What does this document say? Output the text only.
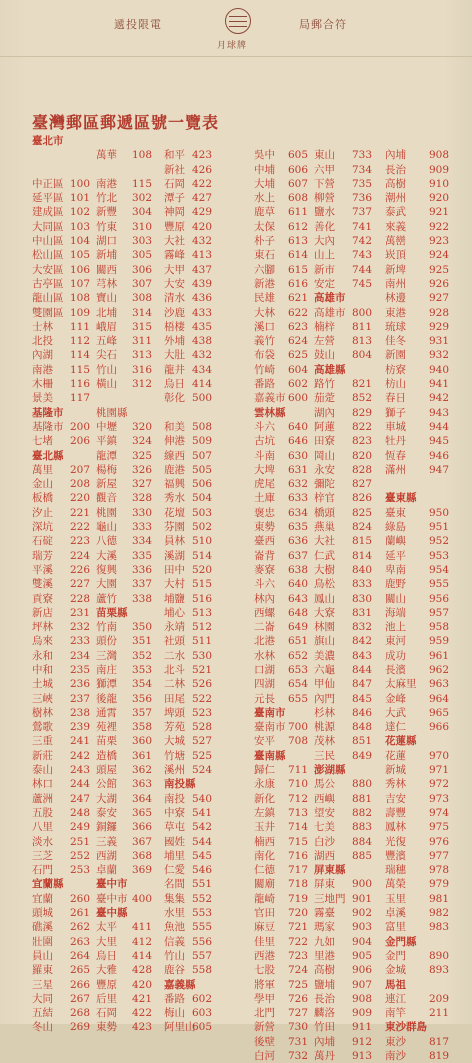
遞投限電
月球牌
局郵合符
臺灣郵區郵遞區號一覽表
臺北市
萬華 108 和平 423
新社 426
中正區 100 南港 115 石岡 422
延平區 101 竹北 302 潭子 427
建成區 102 新豐 304 神岡 429
大同區 103 竹東 310 豐原 420
中山區 104 湖口 303 大社 432
松山區 105 新埔 305 霧峰 413
大安區 106 關西 306 大甲 437
古亭區 107 芎林 307 大安 439
龍山區 108 寶山 308 清水 436
雙園區 109 北埔 314 沙鹿 433
士林 111 峨眉 315 梧棲 435
北投 112 五峰 311 外埔 438
內湖 114 尖石 313 大肚 432
南港 115 竹山 316 龍井 434
木柵 116 橫山 312 烏日 414
景美 117	彰化 500
基隆市	桃園縣
基隆市 200 中壢 320 和美 508
七堵 206 平鎮 324 伸港 509
臺北縣	龍潭 325 線西 507
萬里 207 楊梅 326 鹿港 505
金山 208 新屋 327 福興 506
板橋 220 觀音 328 秀水 504
汐止 221 桃園 330 花壇 503
深坑 222 龜山 333 芬園 502
石碇 223 八德 334 員林 510
瑞芳 224 大溪 335 溪湖 514
平溪 226 復興 336 田中 520
雙溪 227 大園 337 大村 515
貢寮 228 蘆竹 338 埔鹽 516
新店 231 苗栗縣	埔心 513
坪林 232 竹南 350 永靖 512
烏來 233 頭份 351 社頭 511
永和 234 三灣 352 二水 530
中和 235 南庄 353 北斗 521
土城 236 獅潭 354 二林 526
三峽 237 後龍 356 田尾 522
樹林 238 通霄 357 埤頭 523
鶯歌 239 苑裡 358 芳苑 528
三重 241 苗栗 360 大城 527
新莊 242 造橋 361 竹塘 525
泰山 243 頭屋 362 溪州 524
林口 244 公館 363 南投縣
蘆洲 247 大湖 364 南投 540
五股 248 泰安 365 中寮 541
八里 249 銅鑼 366 草屯 542
淡水 251 三義 367 國姓 544
三芝 252 西湖 368 埔里 545
石門 253 卓蘭 369 仁愛 546
宜蘭縣	臺中市	名間 551
宜蘭 260 臺中市 400 集集 552
頭城 261 臺中縣	水里 553
礁溪 262 太平 411 魚池 555
壯圍 263 大里 412 信義 556
員山 264 烏日 414 竹山 557
羅東 265 大雅 428 鹿谷 558
三星 266 豐原 420 嘉義縣
大同 267 后里 421 番路 602
五結 268 石岡 422 梅山 603
冬山 269 東勢 423 阿里山
605
吳中 605 東山 733
中埔 606 六甲 734
大埔 607 下營 735
水上 608 柳營 736
鹿草 611 鹽水 737
太保 612 善化 741
朴子 613 大內 742
東石 614 山上 743
六腳 615 新市 744
新港 616 安定 745
民雄 621 高雄市
大林 622 高雄市 800
溪口 623 楠梓 811
義竹 624 左營 813
布袋 625 鼓山 804
竹崎 604 高雄縣
番路 602 路竹 821
嘉義市 600 茄萣 852
雲林縣	湖內 829
斗六 640 阿蓮 822
古坑 646 田寮 823
斗南 630 岡山 820
大埤 631 永安 828
虎尾 632 彌陀 827
土庫 633 梓官 826
褒忠 634 橋頭 825
東勢 635 燕巢 824
臺西 636 大社 815
崙背 637 仁武 814
麥寮 638 大樹 840
斗六 640 鳥松 833
林內 643 鳳山 830
西螺 648 大寮 831
二崙 649 林園 832
北港 651 旗山 842
水林 652 美濃 843
口湖 653 六龜 844
四湖 654 甲仙 847
元長 655 內門 845
臺南市	杉林 846
臺南市 700 桃源 848
安平 708 茂林 851
臺南縣	三民 849
歸仁 711 澎湖縣
永康 710 馬公 880
新化 712 西嶼 881
左鎮 713 望安 882
玉井 714 七美 883
楠西 715 白沙 884
南化 716 湖西 885
仁德 717 屏東縣
關廟 718 屏東 900
龍崎 719 三地門 901
官田 720 霧臺 902
麻豆 721 瑪家 903
佳里 722 九如 904
西港 723 里港 905
七股 724 高樹 906
將軍 725 鹽埔 907
學甲 726 長治 908
北門 727 麟洛 909
新營 730 竹田 911
後壁 731 內埔 912
白河 732 萬丹 913
內埔 908
長治 909
高樹 910
潮州 920
泰武 921
來義 922
萬巒 923
崁頂 924
新埤 925
南州 926
林邊 927
東港 928
琉球 929
佳冬 931
新園 932
枋寮 940
枋山 941
春日 942
獅子 943
車城 944
牡丹 945
恆春 946
滿州 947
臺東縣
臺東 950
綠島 951
蘭嶼 952
延平 953
卑南 954
鹿野 955
關山 956
海端 957
池上 958
東河 959
成功 961
長濱 962
太麻里 963
金峰 964
大武 965
達仁 966
花蓮縣
花蓮 970
新城 971
秀林 972
吉安 973
壽豐 974
鳳林 975
光復 976
豐濱 977
瑞穗 978
萬榮 979
玉里 981
卓溪 982
富里 983
金門縣
金門 890
金城 893
馬祖
連江 209
南竿 211
東沙群島
東沙 817
南沙 819
